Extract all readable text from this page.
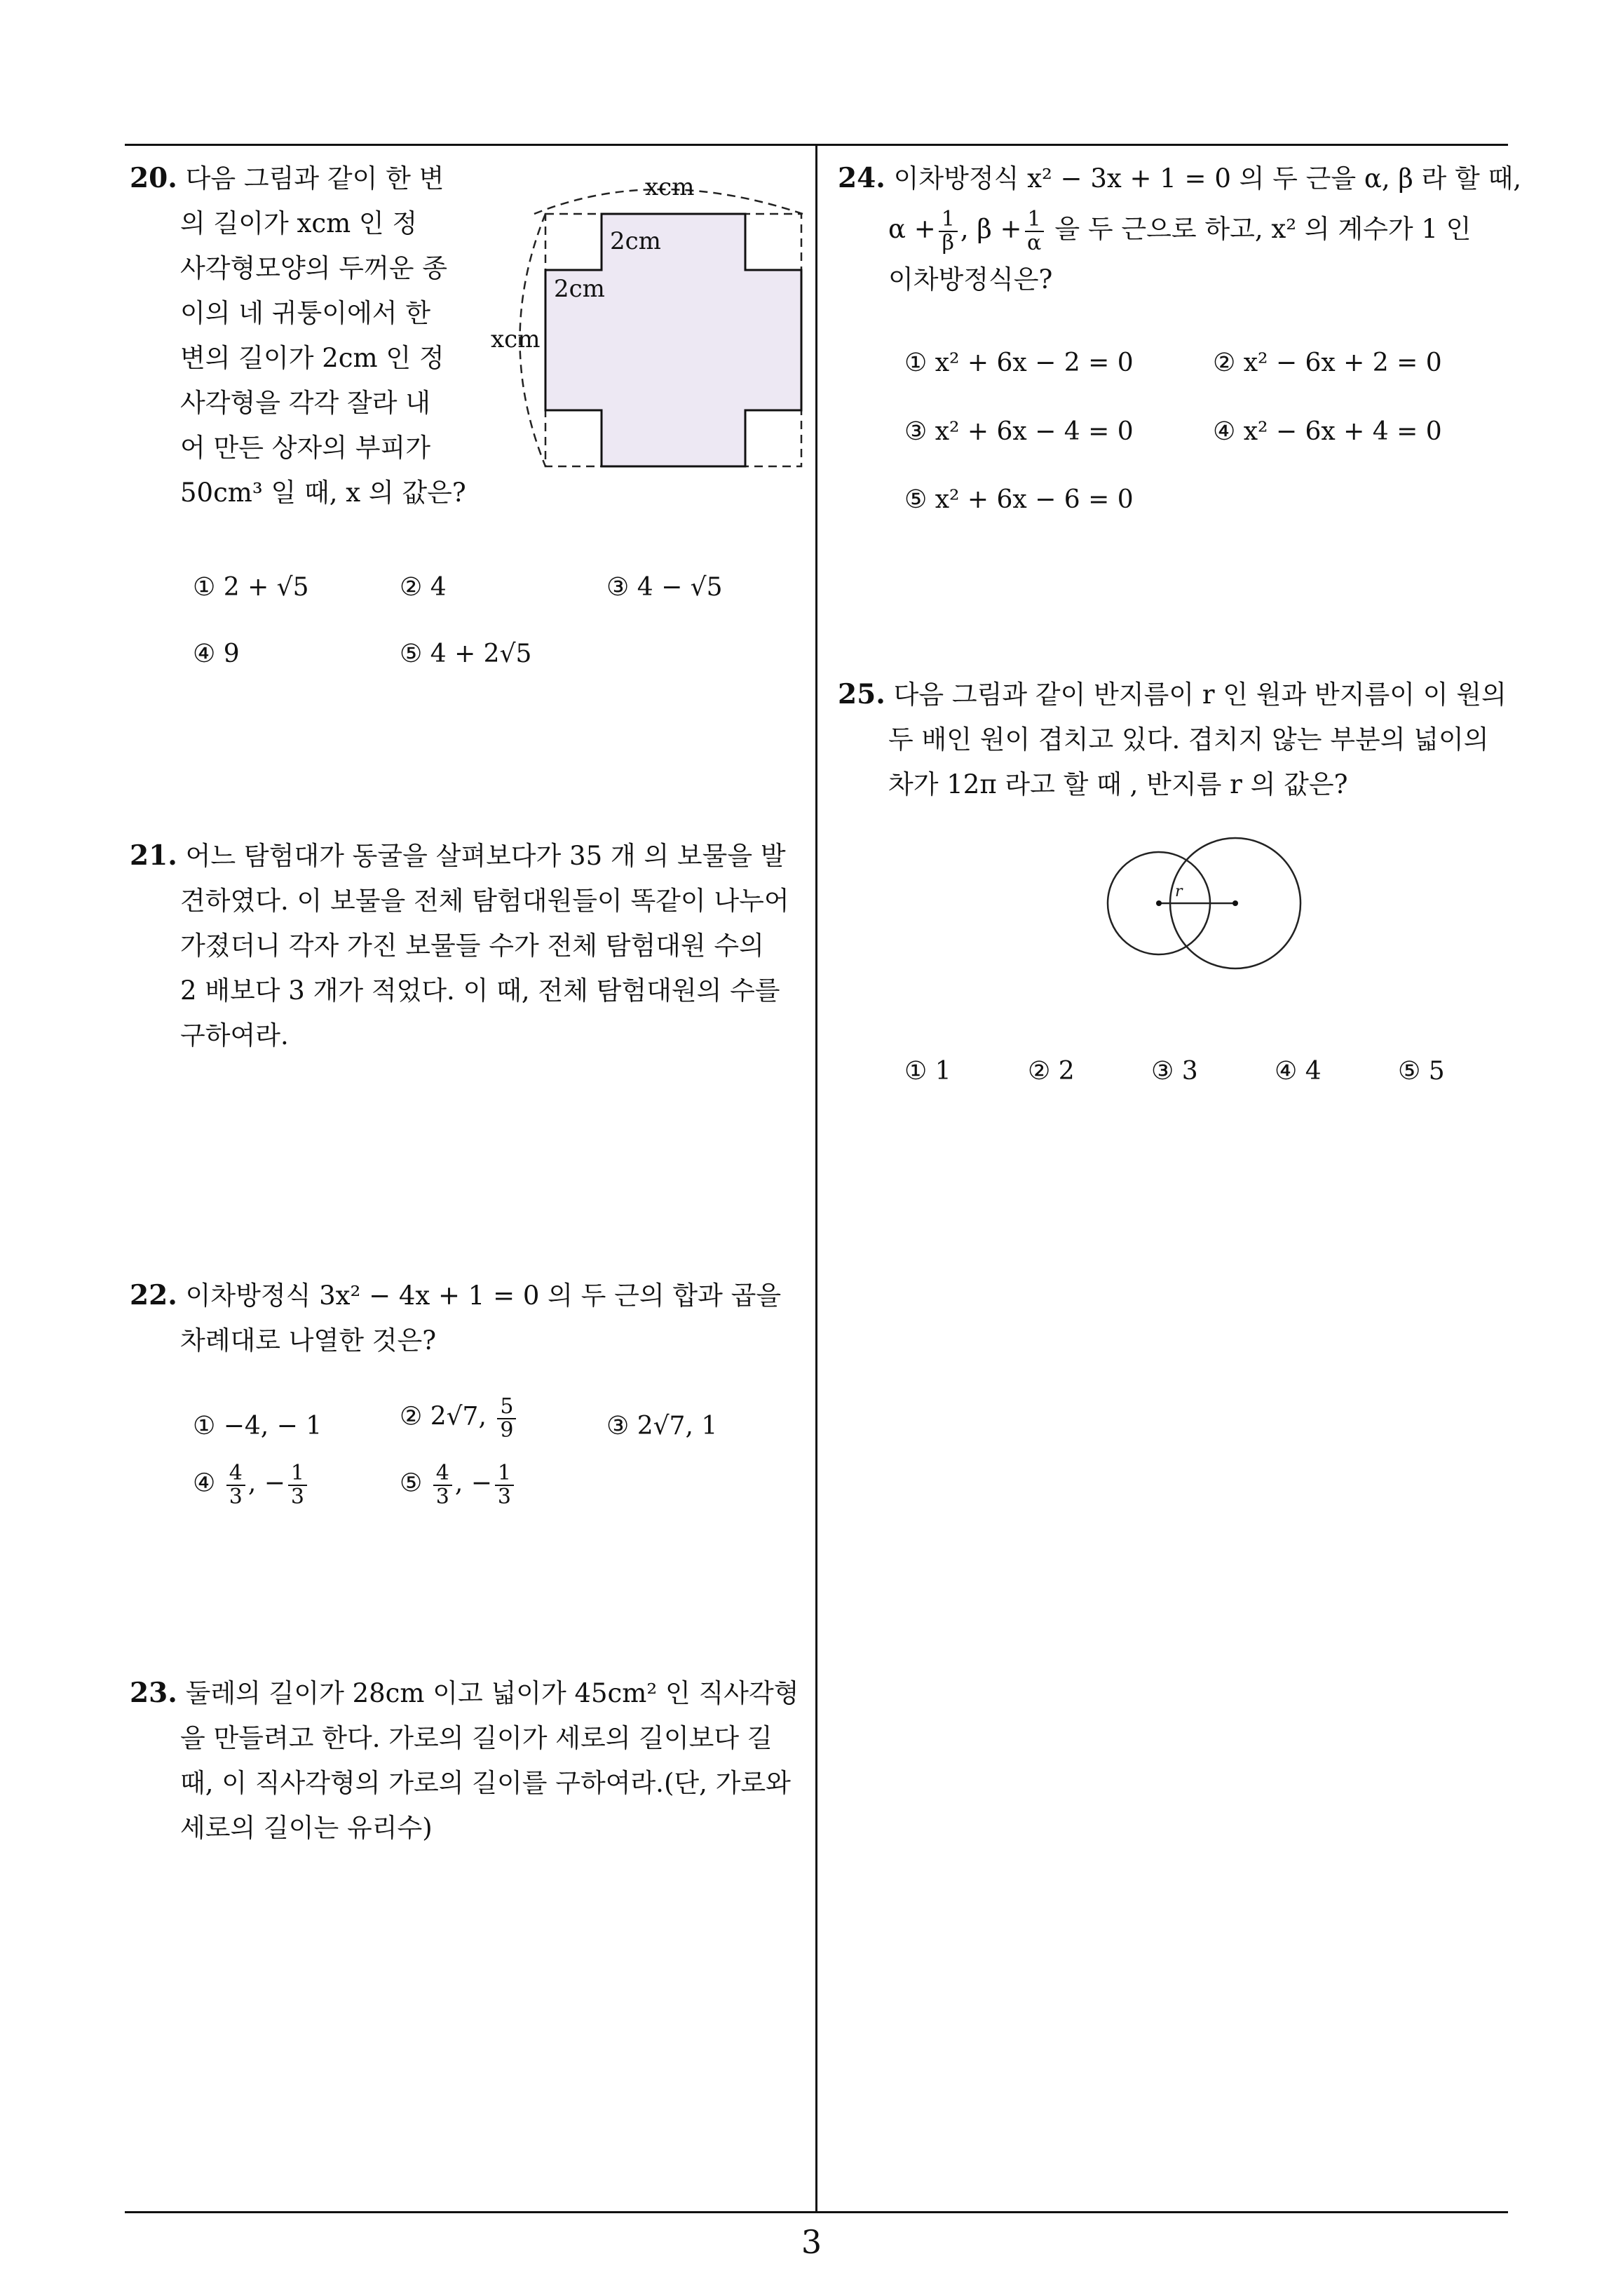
20. 다음 그림과 같이 한 변
의 길이가 xcm 인 정
사각형모양의 두꺼운 종
이의 네 귀퉁이에서 한
변의 길이가 2cm 인 정
사각형을 각각 잘라 내
어 만든 상자의 부피가
50cm³ 일 때, x 의 값은?
xcm
xcm
2cm
2cm
① 2 + √5	② 4	③ 4 − √5
④ 9	⑤ 4 + 2√5
21. 어느 탐험대가 동굴을 살펴보다가 35 개 의 보물을 발
견하였다. 이 보물을 전체 탐험대원들이 똑같이 나누어
가졌더니 각자 가진 보물들 수가 전체 탐험대원 수의
2 배보다 3 개가 적었다. 이 때, 전체 탐험대원의 수를
구하여라.
22. 이차방정식 3x² − 4x + 1 = 0 의 두 근의 합과 곱을
차례대로 나열한 것은?
① −4, − 1	② 2√7, $\frac{5}{9}$	③ 2√7, 1
④ $\frac{4}{3}$ , − $\frac{1}{3}$	⑤ $\frac{4}{3}$ , − $\frac{1}{3}$
23. 둘레의 길이가 28cm 이고 넓이가 45cm² 인 직사각형
을 만들려고 한다. 가로의 길이가 세로의 길이보다 길
때, 이 직사각형의 가로의 길이를 구하여라.(단, 가로와
세로의 길이는 유리수)
24. 이차방정식 x² − 3x + 1 = 0 의 두 근을 α, β 라 할 때,
$\alpha + \frac{1}{\beta}$ , $\beta + \frac{1}{\alpha}$ 을 두 근으로 하고, x² 의 계수가 1 인
이차방정식은?
① x² + 6x − 2 = 0	② x² − 6x + 2 = 0
③ x² + 6x − 4 = 0	④ x² − 6x + 4 = 0
⑤ x² + 6x − 6 = 0
25. 다음 그림과 같이 반지름이 r 인 원과 반지름이 이 원의
두 배인 원이 겹치고 있다. 겹치지 않는 부분의 넓이의
차가 12π 라고 할 때 , 반지름 r 의 값은?
r
① 1	② 2	③ 3	④ 4	⑤ 5
3
